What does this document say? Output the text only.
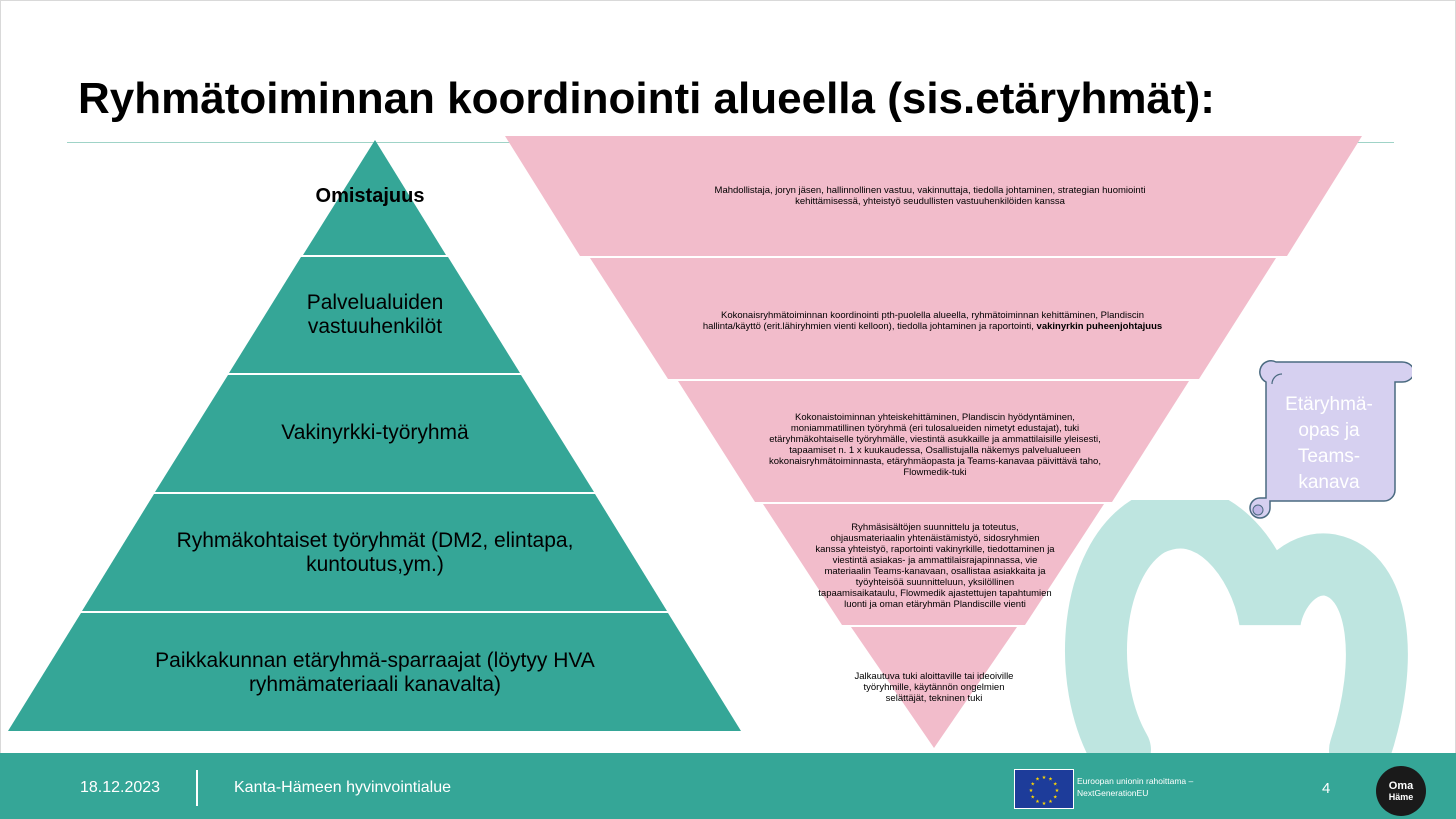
Ryhmätoiminnan koordinointi alueella (sis.etäryhmät):
Omistajuus
Palvelualuiden vastuuhenkilöt
Vakinyrkki-työryhmä
Ryhmäkohtaiset työryhmät (DM2, elintapa, kuntoutus,ym.)
Paikkakunnan etäryhmä-sparraajat (löytyy HVA ryhmämateriaali kanavalta)
Mahdollistaja, joryn jäsen, hallinnollinen vastuu, vakinnuttaja, tiedolla johtaminen, strategian huomiointi kehittämisessä, yhteistyö seudullisten vastuuhenkilöiden kanssa
Kokonaisryhmätoiminnan koordinointi pth-puolella alueella, ryhmätoiminnan kehittäminen, Plandiscin hallinta/käyttö (erit.lähiryhmien vienti kelloon), tiedolla johtaminen ja raportointi, vakinyrkin puheenjohtajuus
Kokonaistoiminnan yhteiskehittäminen, Plandiscin hyödyntäminen, moniammatillinen työryhmä (eri tulosalueiden nimetyt edustajat), tuki etäryhmäkohtaiselle työryhmälle, viestintä asukkaille ja ammattilaisille yleisesti, tapaamiset n. 1 x kuukaudessa, Osallistujalla näkemys palvelualueen kokonaisryhmätoiminnasta, etäryhmäopasta ja Teams-kanavaa päivittävä taho, Flowmedik-tuki
Ryhmäsisältöjen suunnittelu ja toteutus, ohjausmateriaalin yhtenäistämistyö, sidosryhmien kanssa yhteistyö, raportointi vakinyrkille, tiedottaminen ja viestintä asiakas- ja ammattilaisrajapinnassa, vie materiaalin Teams-kanavaan, osallistaa asiakkaita ja työyhteisöä suunnitteluun, yksilöllinen tapaamisaikataulu, Flowmedik ajastettujen tapahtumien luonti ja oman etäryhmän Plandiscille vienti
Jalkautuva tuki aloittaville tai ideoiville työryhmille, käytännön ongelmien selättäjät, tekninen tuki
Etäryhmä-opas ja Teams-kanava
18.12.2023	Kanta-Hämeen hyvinvointialue
★ ★
★
★
★
★
★
★
★
★
★
★	Euroopan unionin rahoittama –
NextGenerationEU	4	Oma
Häme
